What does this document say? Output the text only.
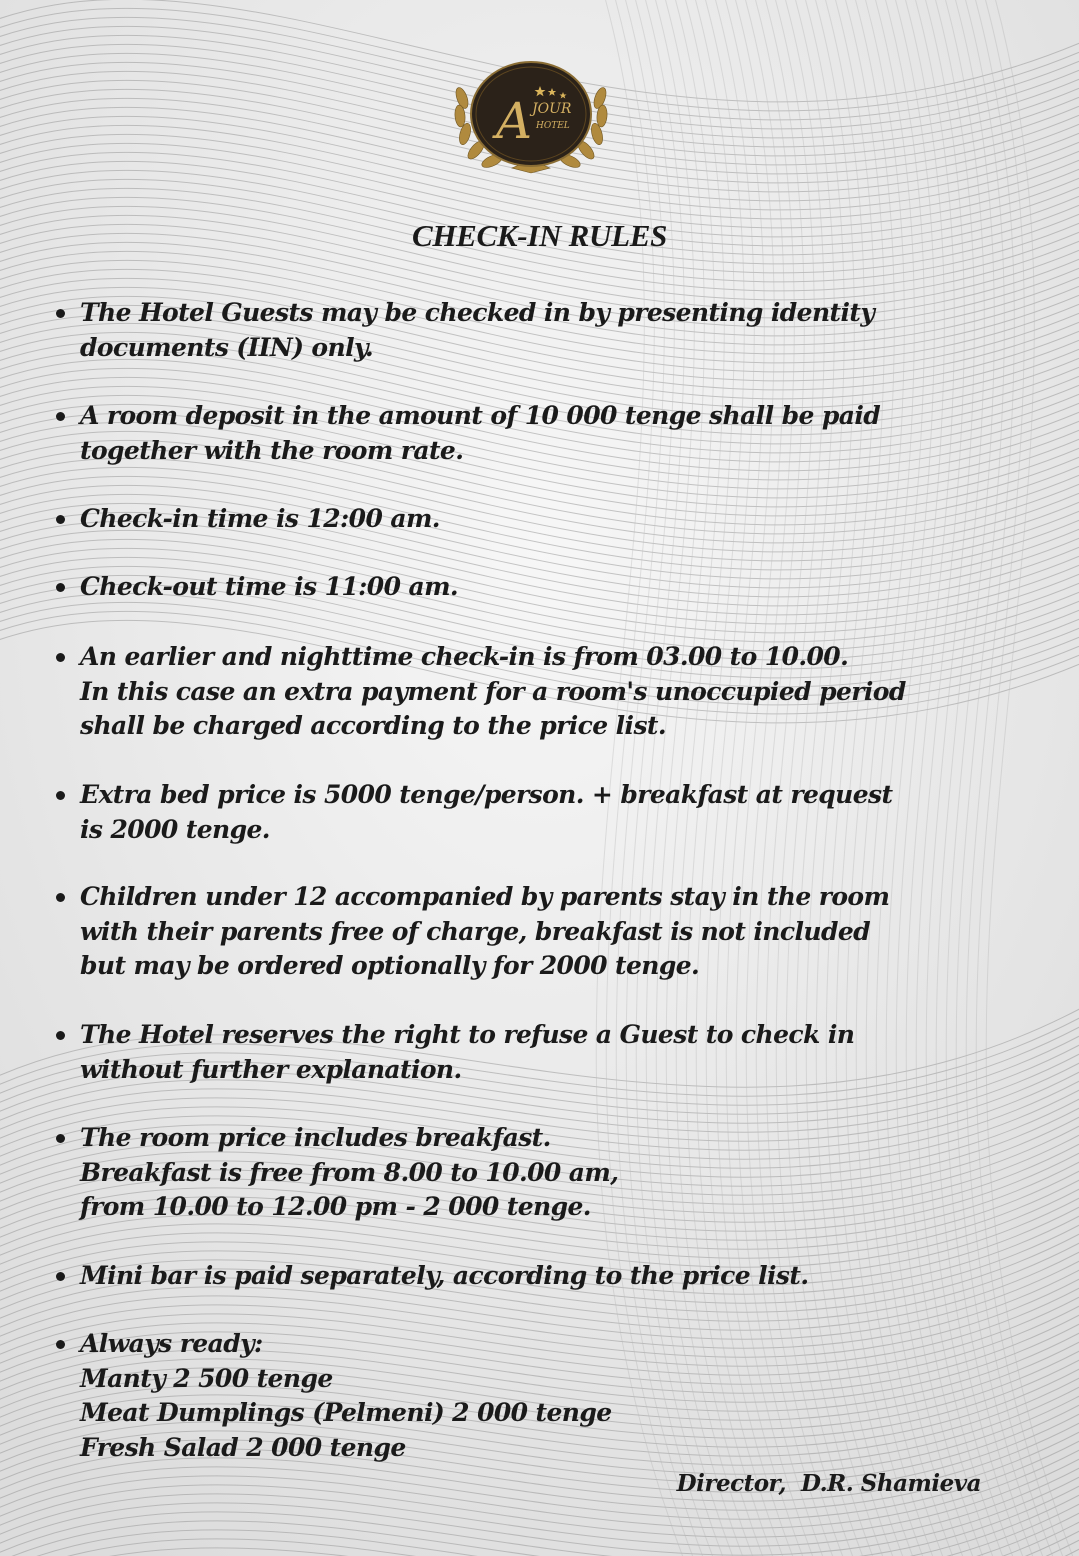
A JOUR
HOTEL
CHECK-IN RULES
The Hotel Guests may be checked in by presenting identity
documents (IIN) only.
A room deposit in the amount of 10 000 tenge shall be paid
together with the room rate.
Check-in time is 12:00 am.
Check-out time is 11:00 am.
An earlier and nighttime check-in is from 03.00 to 10.00.
In this case an extra payment for a room's unoccupied period
shall be charged according to the price list.
Extra bed price is 5000 tenge/person. + breakfast at request
is 2000 tenge.
Children under 12 accompanied by parents stay in the room
with their parents free of charge, breakfast is not included
but may be ordered optionally for 2000 tenge.
The Hotel reserves the right to refuse a Guest to check in
without further explanation.
The room price includes breakfast.
Breakfast is free from 8.00 to 10.00 am,
from 10.00 to 12.00 pm - 2 000 tenge.
Mini bar is paid separately, according to the price list.
Always ready:
Manty 2 500 tenge
Meat Dumplings (Pelmeni) 2 000 tenge
Fresh Salad 2 000 tenge
Director,  D.R. Shamieva
